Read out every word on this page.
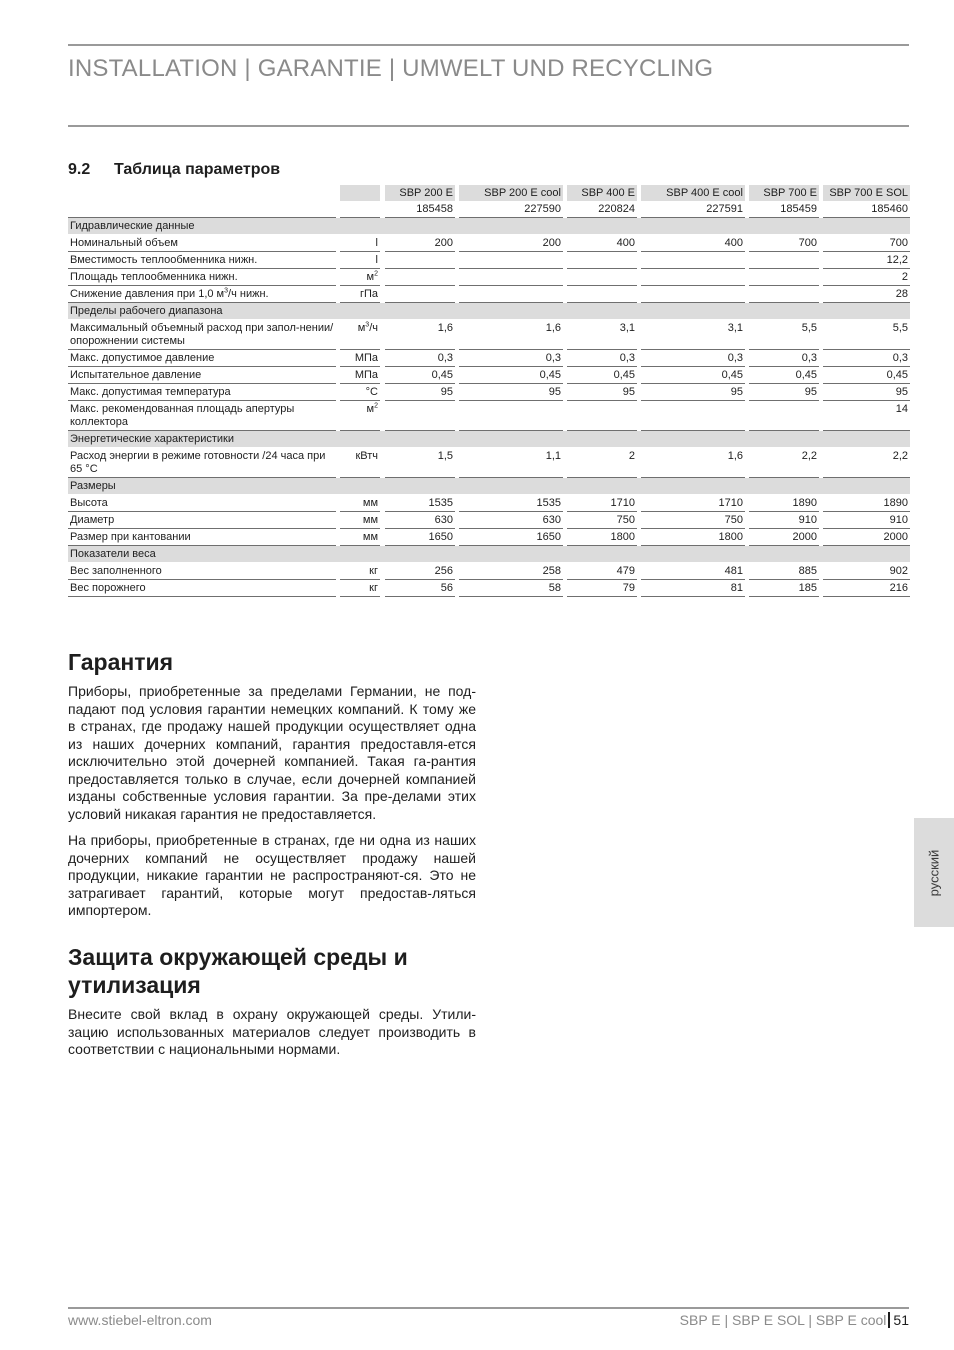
INSTALLATION | GARANTIE | UMWELT UND RECYCLING
9.2 Таблица параметров
				SBP 200 E		SBP 200 E cool		SBP 400 E		SBP 400 E cool		SBP 700 E		SBP 700 E SOL
				185458		227590		220824		227591		185459		185460
Гидравлические данные														
Номинальный объем		l		200		200		400		400		700		700
Вместимость теплообменника нижн.		l												12,2
Площадь теплообменника нижн.		$м^2$												2
Снижение давления при 1,0 $м^3/ч$ нижн.		гПа												28
Пределы рабочего диапазона														
Максимальный объемный расход при запол-нении/опорожнении системы		$м^3/ч$		1,6		1,6		3,1		3,1		5,5		5,5
Макс. допустимое давление		МПа		0,3		0,3		0,3		0,3		0,3		0,3
Испытательное давление		МПа		0,45		0,45		0,45		0,45		0,45		0,45
Макс. допустимая температура		°C		95		95		95		95		95		95
Макс. рекомендованная площадь апертуры коллектора		$м^2$												14
Энергетические характеристики														
Расход энергии в режиме готовности /24 часа при 65 °C		кВтч		1,5		1,1		2		1,6		2,2		2,2
Размеры														
Высота		мм		1535		1535		1710		1710		1890		1890
Диаметр		мм		630		630		750		750		910		910
Размер при кантовании		мм		1650		1650		1800		1800		2000		2000
Показатели веса														
Вес заполненного		кг		256		258		479		481		885		902
Вес порожнего		кг		56		58		79		81		185		216
Гарантия

Приборы, приобретенные за пределами Германии, не под-падают под условия гарантии немецких компаний. К тому же в странах, где продажу нашей продукции осуществляет одна из наших дочерних компаний, гарантия предоставля-ется исключительно этой дочерней компанией. Такая га-рантия предоставляется только в случае, если дочерней компанией изданы собственные условия гарантии. За пре-делами этих условий никакая гарантия не предоставляется.

На приборы, приобретенные в странах, где ни одна из наших дочерних компаний не осуществляет продажу нашей продукции, никакие гарантии не распространяют-ся. Это не затрагивает гарантий, которые могут предостав-ляться импортером.

Защита окружающей среды и утилизация

Внесите свой вклад в охрану окружающей среды. Утили-зацию использованных материалов следует производить в соответствии с национальными нормами.

русский
www.stiebel-eltron.com	SBP E | SBP E SOL | SBP E cool 51
